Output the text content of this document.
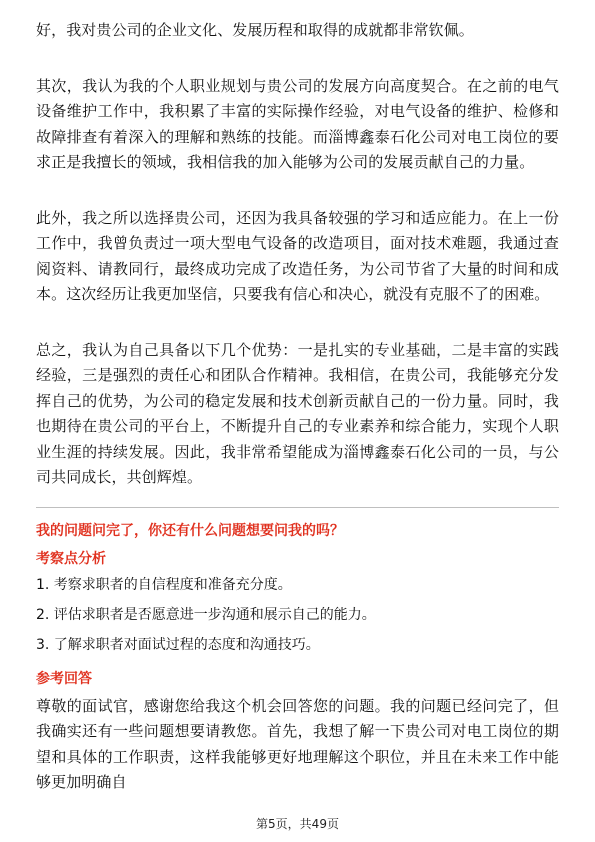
好，我对贵公司的企业文化、发展历程和取得的成就都非常钦佩。

其次，我认为我的个人职业规划与贵公司的发展方向高度契合。在之前的电气设备维护工作中，我积累了丰富的实际操作经验，对电气设备的维护、检修和故障排查有着深入的理解和熟练的技能。而淄博鑫泰石化公司对电工岗位的要求正是我擅长的领域，我相信我的加入能够为公司的发展贡献自己的力量。

此外，我之所以选择贵公司，还因为我具备较强的学习和适应能力。在上一份工作中，我曾负责过一项大型电气设备的改造项目，面对技术难题，我通过查阅资料、请教同行，最终成功完成了改造任务，为公司节省了大量的时间和成本。这次经历让我更加坚信，只要我有信心和决心，就没有克服不了的困难。

总之，我认为自己具备以下几个优势：一是扎实的专业基础，二是丰富的实践经验，三是强烈的责任心和团队合作精神。我相信，在贵公司，我能够充分发挥自己的优势，为公司的稳定发展和技术创新贡献自己的一份力量。同时，我也期待在贵公司的平台上，不断提升自己的专业素养和综合能力，实现个人职业生涯的持续发展。因此，我非常希望能成为淄博鑫泰石化公司的一员，与公司共同成长，共创辉煌。

我的问题问完了，你还有什么问题想要问我的吗？
考察点分析
1. 考察求职者的自信程度和准备充分度。
2. 评估求职者是否愿意进一步沟通和展示自己的能力。
3. 了解求职者对面试过程的态度和沟通技巧。
参考回答

尊敬的面试官，感谢您给我这个机会回答您的问题。我的问题已经问完了，但我确实还有一些问题想要请教您。首先，我想了解一下贵公司对电工岗位的期望和具体的工作职责，这样我能够更好地理解这个职位，并且在未来工作中能够更加明确自

第5页，共49页
